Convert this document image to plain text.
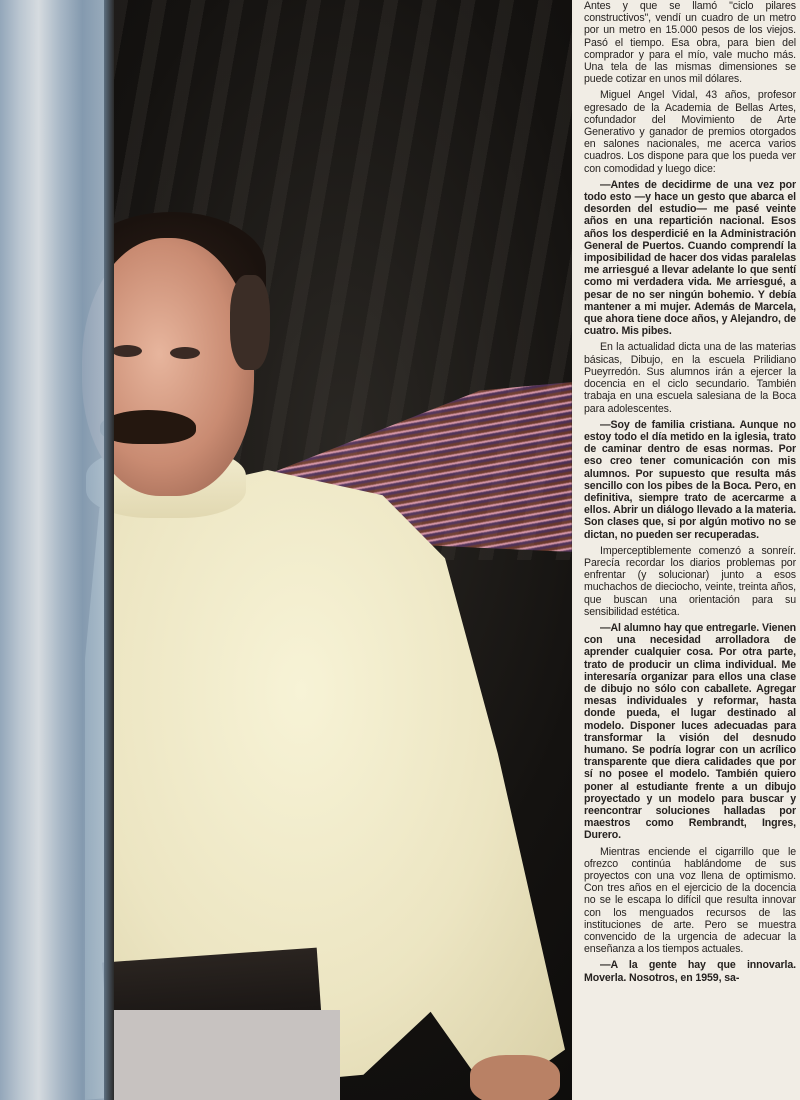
Antes y que se llamó "ciclo pilares constructivos", vendí un cuadro de un metro por un metro en 15.000 pesos de los viejos. Pasó el tiempo. Esa obra, para bien del comprador y para el mío, vale mucho más. Una tela de las mismas dimensiones se puede cotizar en unos mil dólares.

Miguel Angel Vidal, 43 años, profesor egresado de la Academia de Bellas Artes, cofundador del Movimiento de Arte Generativo y ganador de premios otorgados en salones nacionales, me acerca varios cuadros. Los dispone para que los pueda ver con comodidad y luego dice:

—Antes de decidirme de una vez por todo esto —y hace un gesto que abarca el desorden del estudio— me pasé veinte años en una repartición nacional. Esos años los desperdicié en la Administración General de Puertos. Cuando comprendí la imposibilidad de hacer dos vidas paralelas me arriesgué a llevar adelante lo que sentí como mi verdadera vida. Me arriesgué, a pesar de no ser ningún bohemio. Y debía mantener a mi mujer. Además de Marcela, que ahora tiene doce años, y Alejandro, de cuatro. Mis pibes.

En la actualidad dicta una de las materias básicas, Dibujo, en la escuela Prilidiano Pueyrredón. Sus alumnos irán a ejercer la docencia en el ciclo secundario. También trabaja en una escuela salesiana de la Boca para adolescentes.

—Soy de familia cristiana. Aunque no estoy todo el día metido en la iglesia, trato de caminar dentro de esas normas. Por eso creo tener comunicación con mis alumnos. Por supuesto que resulta más sencillo con los pibes de la Boca. Pero, en definitiva, siempre trato de acercarme a ellos. Abrir un diálogo llevado a la materia. Son clases que, si por algún motivo no se dictan, no pueden ser recuperadas.

Imperceptiblemente comenzó a sonreír. Parecía recordar los diarios problemas por enfrentar (y solucionar) junto a esos muchachos de dieciocho, veinte, treinta años, que buscan una orientación para su sensibilidad estética.

—Al alumno hay que entregarle. Vienen con una necesidad arrolladora de aprender cualquier cosa. Por otra parte, trato de producir un clima individual. Me interesaría organizar para ellos una clase de dibujo no sólo con caballete. Agregar mesas individuales y reformar, hasta donde pueda, el lugar destinado al modelo. Disponer luces adecuadas para transformar la visión del desnudo humano. Se podría lograr con un acrílico transparente que diera calidades que por sí no posee el modelo. También quiero poner al estudiante frente a un dibujo proyectado y un modelo para buscar y reencontrar soluciones halladas por maestros como Rembrandt, Ingres, Durero.

Mientras enciende el cigarrillo que le ofrezco continúa hablándome de sus proyectos con una voz llena de optimismo. Con tres años en el ejercicio de la docencia no se le escapa lo difícil que resulta innovar con los menguados recursos de las instituciones de arte. Pero se muestra convencido de la urgencia de adecuar la enseñanza a los tiempos actuales.

—A la gente hay que innovarla. Moverla. Nosotros, en 1959, sa-
